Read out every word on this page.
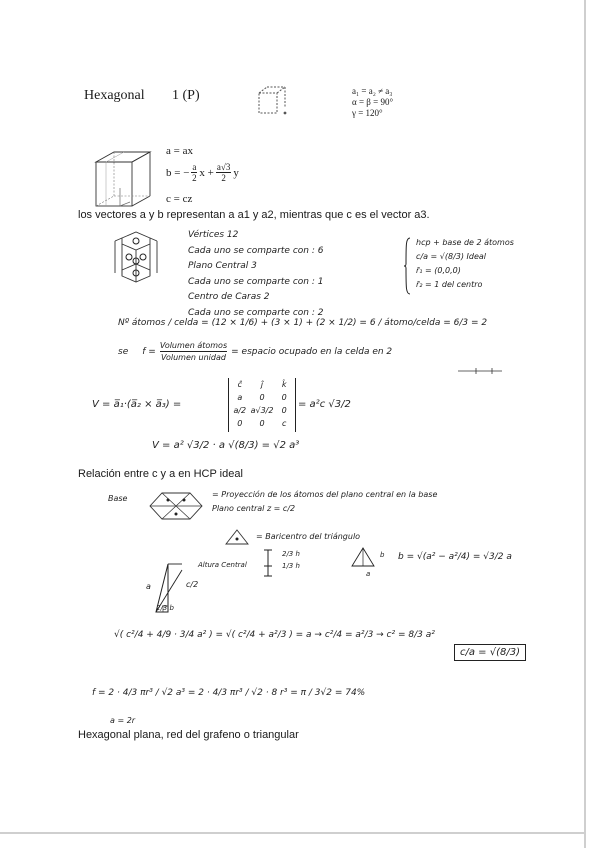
Hexagonal 1 (P)	a₁ = a₂ ≠ a₃
α = β = 90°
γ = 120°
a = ax
b = − $\frac{a}{2}$ $x + \frac{a√3}{2}$ y
c = cz
los vectores a y b representan a a1 y a2, mientras que c es el vector a3.
Vértices 12
Cada uno se comparte con : 6
Plano Central 3
Cada uno se comparte con : 1
Centro de Caras 2
Cada uno se comparte con : 2
hcp + base de 2 átomos
c/a = √(8/3) Ideal
r̄₁ = (0,0,0)
r̄₂ = 1 del centro
Nº átomos / celda = (12 × 1/6) + (3 × 1) + (2 × 1/2) = 6 / átomo/celda = 6/3 = 2
se f =
Volumen átomos
Volumen unidad
= espacio ocupado en la celda en 2
V = a̅₁·(a̅₂ × a̅₃) =
ĉ	ĵ	k̂
a	0	0
a/2 a√3/2	0
0	0	c
= a²c √3/2
V = a² √3/2 · a √(8/3) = √2 a³
Relación entre c y a en HCP ideal
Base	= Proyección de los átomos del plano central en la base
Plano central z = c/2
= Baricentro del triángulo
Altura Central
c/2
a
2/3 b
2/3 h
1/3 h
a
b b = √(a² − a²/4) = √3/2 a
√( c²/4 + 4/9 · 3/4 a² ) = √( c²/4 + a²/3 ) = a → c²/4 = a²/3 → c² = 8/3 a²
c/a = √(8/3)
f = 2 · 4/3 πr³ / √2 a³ = 2 · 4/3 πr³ / √2 · 8 r³ = π / 3√2 = 74%
a = 2r
Hexagonal plana, red del grafeno o triangular
